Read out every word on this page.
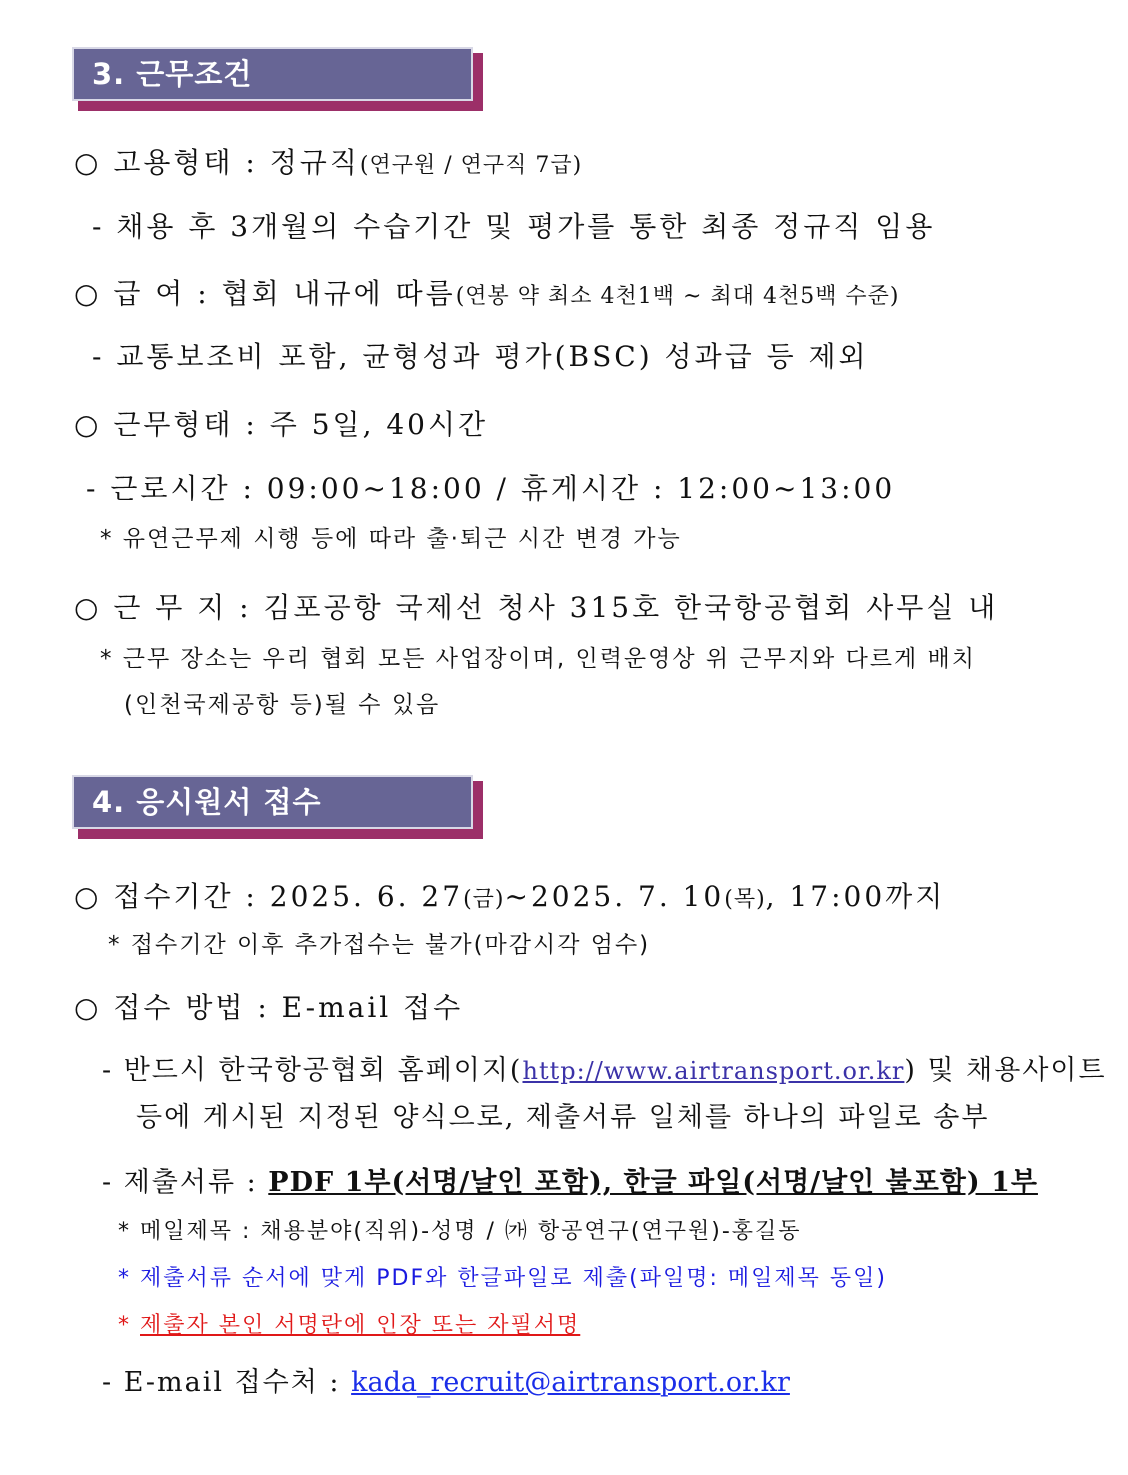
3. 근무조건
○ 고용형태 : 정규직(연구원 / 연구직 7급)
- 채용 후 3개월의 수습기간 및 평가를 통한 최종 정규직 임용
○ 급 여 : 협회 내규에 따름(연봉 약 최소 4천1백 ~ 최대 4천5백 수준)
- 교통보조비 포함, 균형성과 평가(BSC) 성과급 등 제외
○ 근무형태 : 주 5일, 40시간
- 근로시간 : 09:00~18:00 / 휴게시간 : 12:00~13:00
* 유연근무제 시행 등에 따라 출·퇴근 시간 변경 가능
○ 근 무 지 : 김포공항 국제선 청사 315호 한국항공협회 사무실 내
* 근무 장소는 우리 협회 모든 사업장이며, 인력운영상 위 근무지와 다르게 배치
(인천국제공항 등)될 수 있음
4. 응시원서 접수
○ 접수기간 : 2025. 6. 27(금)~2025. 7. 10(목), 17:00까지
* 접수기간 이후 추가접수는 불가(마감시각 엄수)
○ 접수 방법 : E-mail 접수
- 반드시 한국항공협회 홈페이지(http://www.airtransport.or.kr) 및 채용사이트
등에 게시된 지정된 양식으로, 제출서류 일체를 하나의 파일로 송부
- 제출서류 : PDF 1부(서명/날인 포함), 한글 파일(서명/날인 불포함) 1부
* 메일제목 : 채용분야(직위)-성명 / ㈎ 항공연구(연구원)-홍길동
* 제출서류 순서에 맞게 PDF와 한글파일로 제출(파일명: 메일제목 동일)
* 제출자 본인 서명란에 인장 또는 자필서명
- E-mail 접수처 : kada_recruit@airtransport.or.kr
